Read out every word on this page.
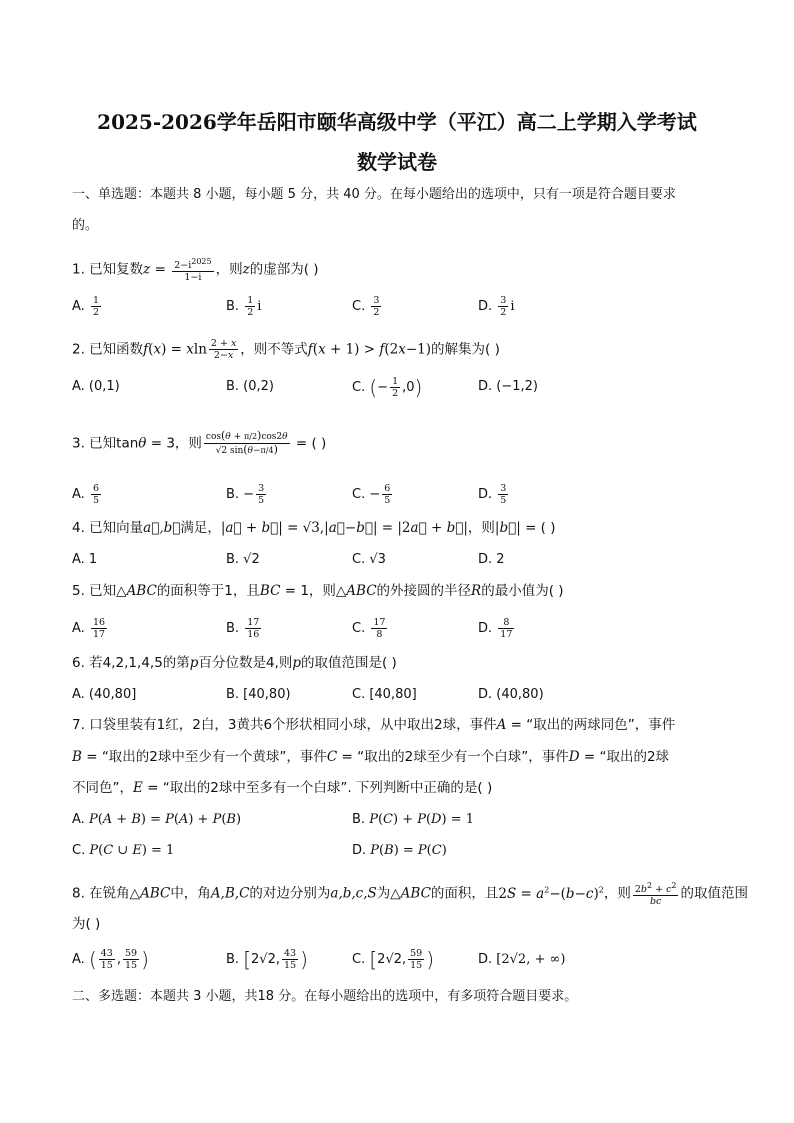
2025-2026学年岳阳市颐华高级中学（平江）高二上学期入学考试
数学试卷
一、单选题：本题共 8 小题，每小题 5 分，共 40 分。在每小题给出的选项中，只有一项是符合题目要求
的。
1. 已知复数$z = \frac{2-i^{2025}}{1-i}$ ，则z的虚部为( )
A. $\frac{1}{2}$	B. $\frac{1}{2}$ i	C. $\frac{3}{2}$	D. $\frac{3}{2}$ i
2. 已知函数f(x) = xln $\frac{2 + x}{2-x}$ ，则不等式f(x + 1) > f(2x−1)的解集为( )
A. (0,1)	B. (0,2)	C. (− $\frac{1}{2} ,0$)	D. (−1,2)
3. 已知tanθ = 3，则 $\frac{\cos(\theta + \pi/2)\cos 2\theta}{√2 \sin(\theta-\pi/4)}$ = ( )
A. $\frac{6}{5}$	B. − $\frac{3}{5}$	C. − $\frac{6}{5}$	D. $\frac{3}{5}$
4. 已知向量a⃗,b⃗满足，|a⃗ + b⃗| = √3,|a⃗−b⃗| = |2a⃗ + b⃗|，则|b⃗| = ( )
A. 1	B. √2	C. √3	D. 2
5. 已知△ABC的面积等于1，且BC = 1，则△ABC的外接圆的半径R的最小值为( )
A. $\frac{16}{17}$	B. $\frac{17}{16}$	C. $\frac{17}{8}$	D. $\frac{8}{17}$
6. 若4,2,1,4,5的第p百分位数是4,则p的取值范围是( )
A. (40,80]	B. [40,80)	C. [40,80]	D. (40,80)
7. 口袋里装有1红，2白，3黄共6个形状相同小球，从中取出2球，事件A = “取出的两球同色”，事件
B = “取出的2球中至少有一个黄球”，事件C = “取出的2球至少有一个白球”，事件D = “取出的2球
不同色”，E = “取出的2球中至多有一个白球”. 下列判断中正确的是( )
A. P(A + B) = P(A) + P(B)	B. P(C) + P(D) = 1
C. P(C ∪ E) = 1	D. P(B) = P(C)
8. 在锐角△ABC中，角A,B,C的对边分别为a,b,c,S为△ABC的面积，且$2S = a^2-(b-c)^2$，则 $\frac{2b^2 + c^2}{bc}$ 的取值范围
为( )
A. ( $\frac{43}{15}$ , $\frac{59}{15}$ )	B. [2√2, $\frac{43}{15}$ )	C. [2√2, $\frac{59}{15}$ )	D. [2√2, + ∞)
二、多选题：本题共 3 小题，共18 分。在每小题给出的选项中，有多项符合题目要求。
